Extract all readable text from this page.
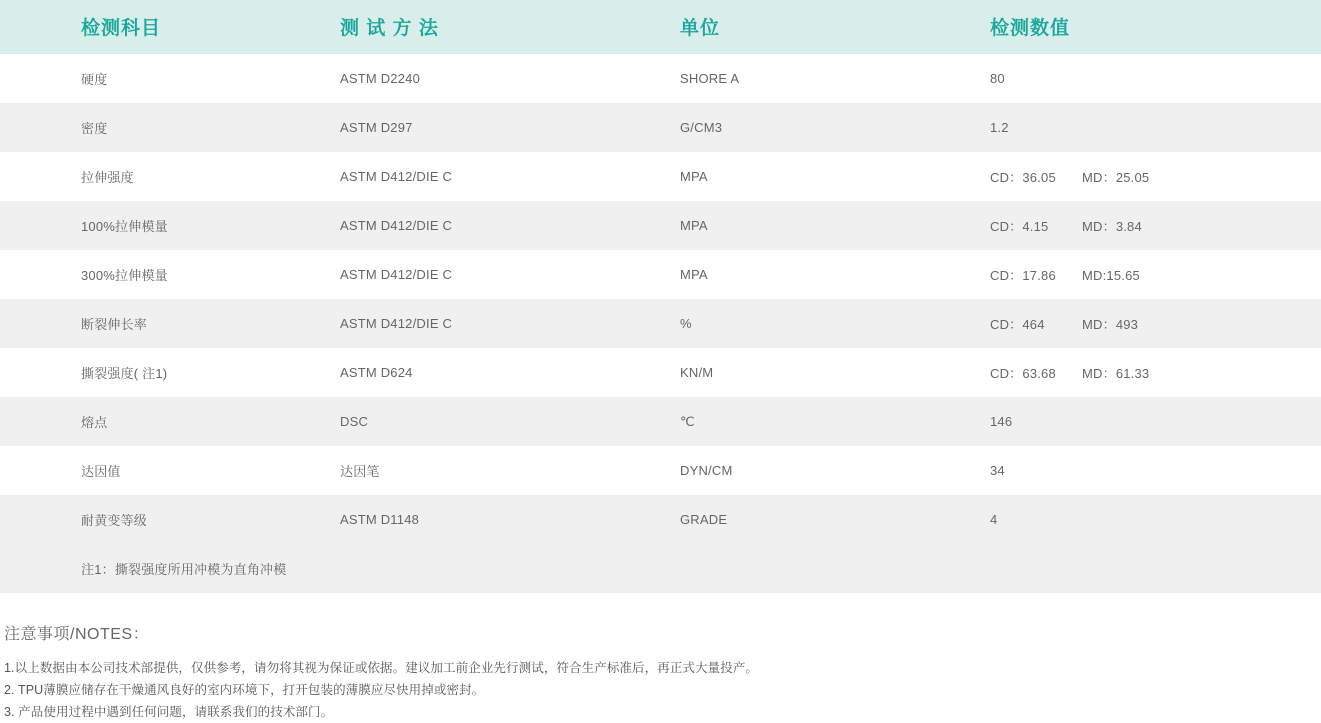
检测科目	测 试 方 法	单位	检测数值
硬度	ASTM D2240	SHORE A	80
密度	ASTM D297	G/CM3	1.2
拉伸强度	ASTM D412/DIE C	MPA	CD：36.05 MD：25.05
100%拉伸模量	ASTM D412/DIE C	MPA	CD：4.15 MD：3.84
300%拉伸模量	ASTM D412/DIE C	MPA	CD：17.86 MD:15.65
断裂伸长率	ASTM D412/DIE C	%	CD：464 MD：493
撕裂强度( 注1)	ASTM D624	KN/M	CD：63.68 MD：61.33
熔点	DSC	℃	146
达因值	达因笔	DYN/CM	34
耐黄变等级	ASTM D1148	GRADE	4
注1：撕裂强度所用冲模为直角冲模			
注意事项/NOTES：
1.以上数据由本公司技术部提供，仅供参考，请勿将其视为保证或依据。建议加工前企业先行测试，符合生产标准后，再正式大量投产。
2. TPU薄膜应储存在干燥通风良好的室内环境下，打开包装的薄膜应尽快用掉或密封。
3. 产品使用过程中遇到任何问题，请联系我们的技术部门。
